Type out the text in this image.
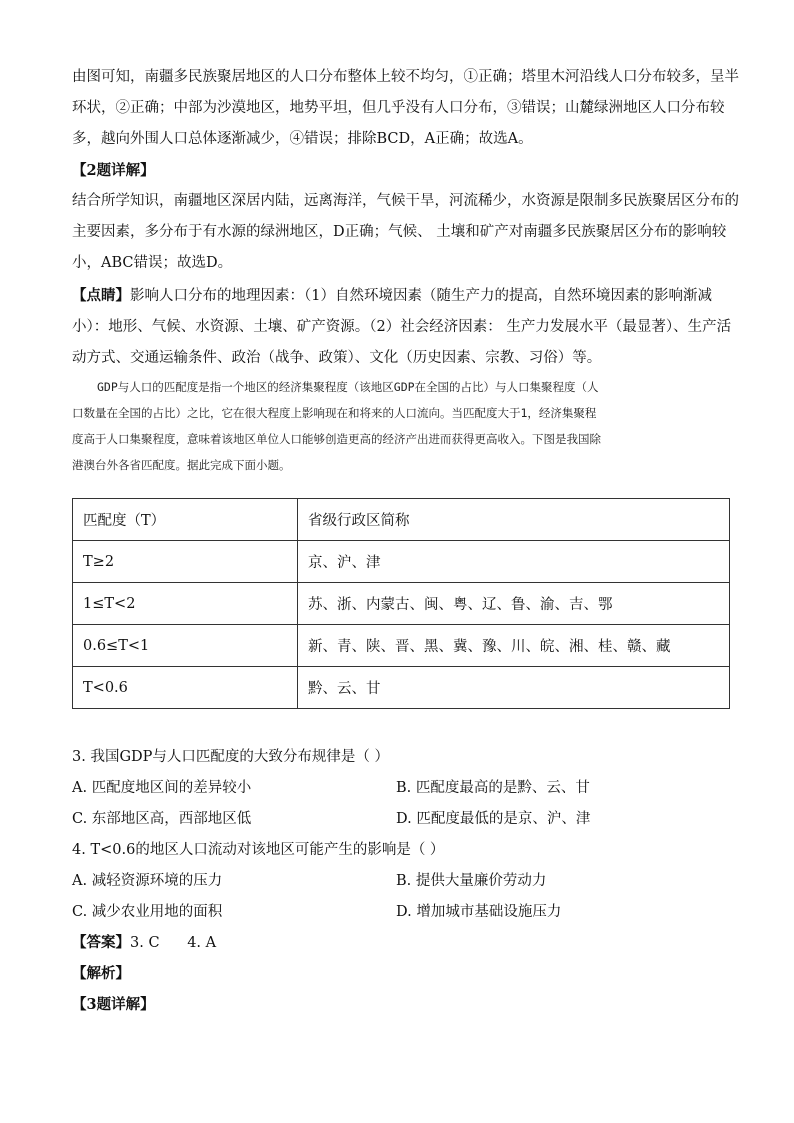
由图可知，南疆多民族聚居地区的人口分布整体上较不均匀，①正确；塔里木河沿线人口分布较多，呈半
环状，②正确；中部为沙漠地区，地势平坦，但几乎没有人口分布，③错误；山麓绿洲地区人口分布较
多，越向外围人口总体逐渐减少，④错误；排除BCD，A正确；故选A。
【2题详解】
结合所学知识，南疆地区深居内陆，远离海洋，气候干旱，河流稀少，水资源是限制多民族聚居区分布的
主要因素，多分布于有水源的绿洲地区，D正确；气候、 土壤和矿产对南疆多民族聚居区分布的影响较
小，ABC错误；故选D。
【点睛】影响人口分布的地理因素：（1）自然环境因素（随生产力的提高，自然环境因素的影响渐减
小）：地形、气候、水资源、土壤、矿产资源。（2）社会经济因素： 生产力发展水平（最显著）、生产活
动方式、交通运输条件、政治（战争、政策）、文化（历史因素、宗教、习俗）等。
GDP与人口的匹配度是指一个地区的经济集聚程度（该地区GDP在全国的占比）与人口集聚程度（人
口数量在全国的占比）之比，它在很大程度上影响现在和将来的人口流向。当匹配度大于1，经济集聚程
度高于人口集聚程度，意味着该地区单位人口能够创造更高的经济产出进而获得更高收入。下图是我国除
港澳台外各省匹配度。据此完成下面小题。
匹配度（T）	省级行政区简称
T≥2	京、沪、津
1≤T<2	苏、浙、内蒙古、闽、粤、辽、鲁、渝、吉、鄂
0.6≤T<1	新、青、陕、晋、黑、冀、豫、川、皖、湘、桂、赣、藏
T<0.6	黔、云、甘
3. 我国GDP与人口匹配度的大致分布规律是（ ）
A. 匹配度地区间的差异较小	B. 匹配度最高的是黔、云、甘
C. 东部地区高，西部地区低	D. 匹配度最低的是京、沪、津
4. T<0.6的地区人口流动对该地区可能产生的影响是（ ）
A. 减轻资源环境的压力	B. 提供大量廉价劳动力
C. 减少农业用地的面积	D. 增加城市基础设施压力
【答案】3. C      4. A
【解析】
【3题详解】
